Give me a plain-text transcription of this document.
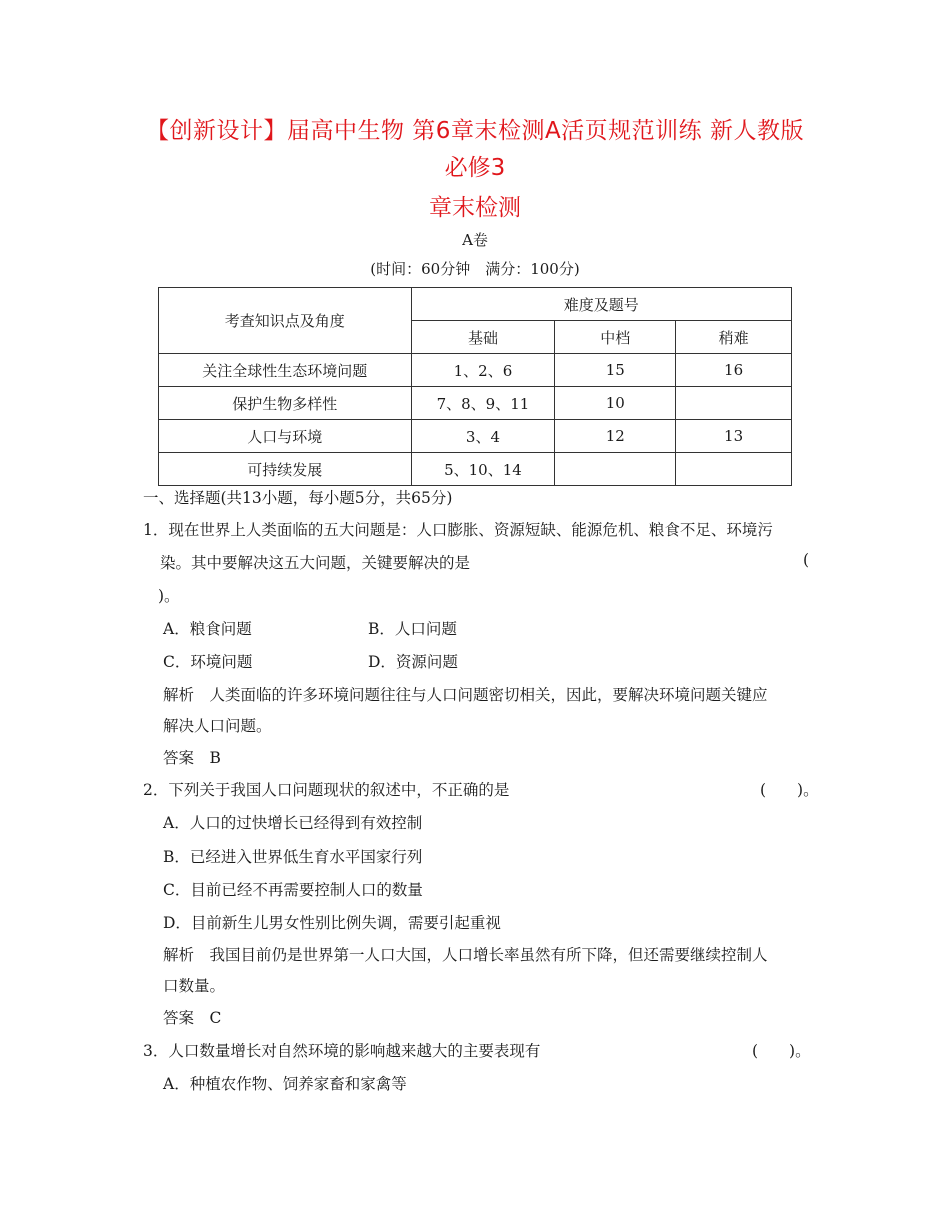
【创新设计】届高中生物 第6章末检测A活页规范训练 新人教版
必修3
章末检测
A卷
(时间：60分钟　满分：100分)
考查知识点及角度	难度及题号		
	基础	中档	稍难
关注全球性生态环境问题	1、2、6	15	16
保护生物多样性	7、8、9、11	10	
人口与环境	3、4	12	13
可持续发展	5、10、14		
一、选择题(共13小题，每小题5分，共65分)
1．现在世界上人类面临的五大问题是：人口膨胀、资源短缺、能源危机、粮食不足、环境污
染。其中要解决这五大问题，关键要解决的是	(
)。
A．粮食问题	B．人口问题
C．环境问题	D．资源问题
解析　人类面临的许多环境问题往往与人口问题密切相关，因此，要解决环境问题关键应
解决人口问题。
答案　B
2．下列关于我国人口问题现状的叙述中，不正确的是	(　　)。
A．人口的过快增长已经得到有效控制
B．已经进入世界低生育水平国家行列
C．目前已经不再需要控制人口的数量
D．目前新生儿男女性别比例失调，需要引起重视
解析　我国目前仍是世界第一人口大国，人口增长率虽然有所下降，但还需要继续控制人
口数量。
答案　C
3．人口数量增长对自然环境的影响越来越大的主要表现有	(　　)。
A．种植农作物、饲养家畜和家禽等
